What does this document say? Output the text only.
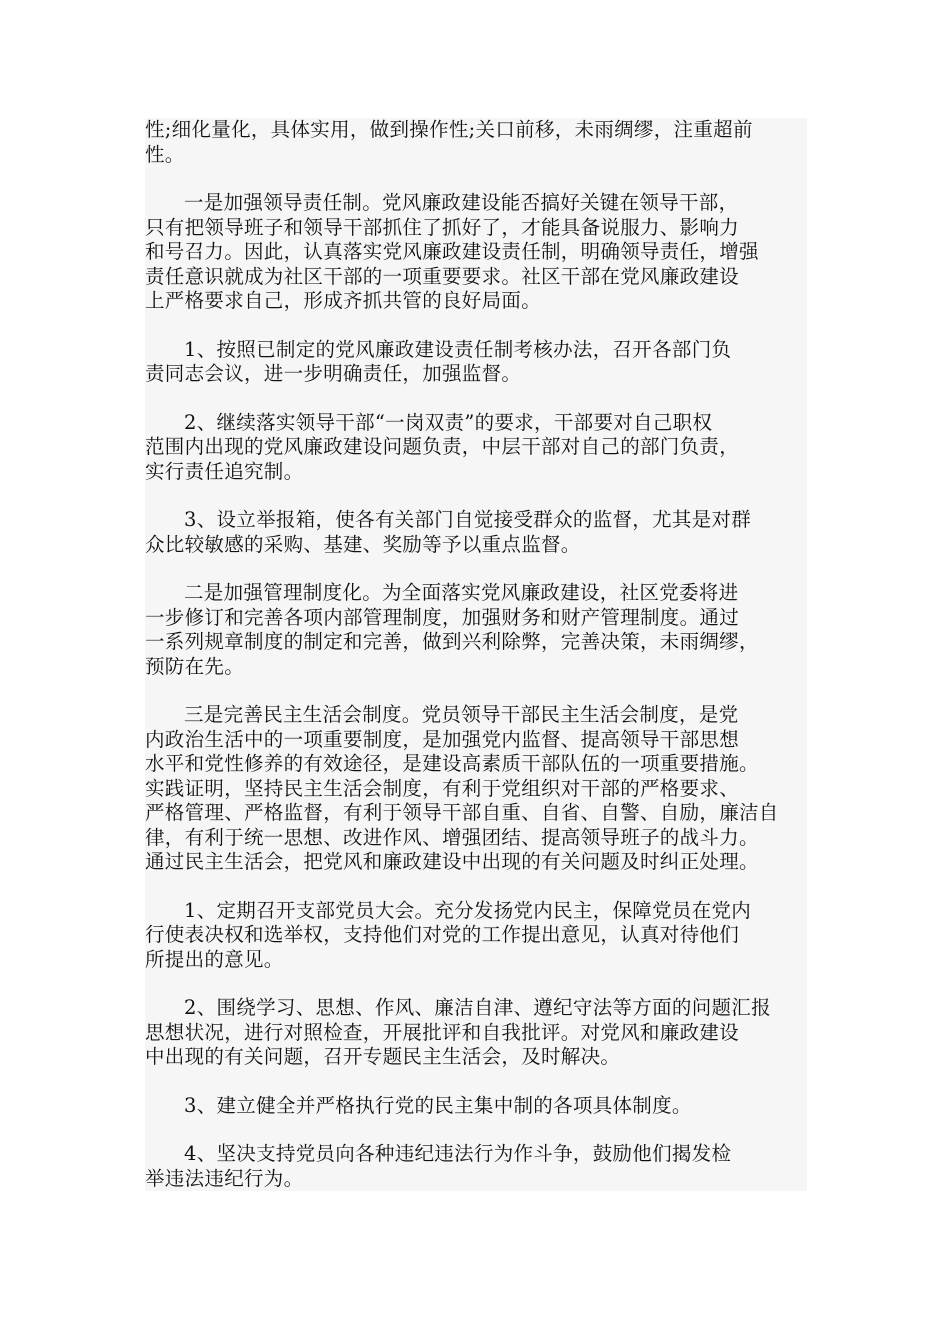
性;细化量化，具体实用，做到操作性;关口前移，未雨绸缪，注重超前
性。

一是加强领导责任制。党风廉政建设能否搞好关键在领导干部，
只有把领导班子和领导干部抓住了抓好了，才能具备说服力、影响力
和号召力。因此，认真落实党风廉政建设责任制，明确领导责任，增强
责任意识就成为社区干部的一项重要要求。社区干部在党风廉政建设
上严格要求自己，形成齐抓共管的良好局面。

1、按照已制定的党风廉政建设责任制考核办法，召开各部门负
责同志会议，进一步明确责任，加强监督。

2、继续落实领导干部“一岗双责”的要求，干部要对自己职权
范围内出现的党风廉政建设问题负责，中层干部对自己的部门负责，
实行责任追究制。

3、设立举报箱，使各有关部门自觉接受群众的监督，尤其是对群
众比较敏感的采购、基建、奖励等予以重点监督。

二是加强管理制度化。为全面落实党风廉政建设，社区党委将进
一步修订和完善各项内部管理制度，加强财务和财产管理制度。通过
一系列规章制度的制定和完善，做到兴利除弊，完善决策，未雨绸缪，
预防在先。

三是完善民主生活会制度。党员领导干部民主生活会制度，是党
内政治生活中的一项重要制度，是加强党内监督、提高领导干部思想
水平和党性修养的有效途径，是建设高素质干部队伍的一项重要措施。
实践证明，坚持民主生活会制度，有利于党组织对干部的严格要求、
严格管理、严格监督，有利于领导干部自重、自省、自警、自励，廉洁自
律，有利于统一思想、改进作风、增强团结、提高领导班子的战斗力。
通过民主生活会，把党风和廉政建设中出现的有关问题及时纠正处理。

1、定期召开支部党员大会。充分发扬党内民主，保障党员在党内
行使表决权和选举权，支持他们对党的工作提出意见，认真对待他们
所提出的意见。

2、围绕学习、思想、作风、廉洁自津、遵纪守法等方面的问题汇报
思想状况，进行对照检查，开展批评和自我批评。对党风和廉政建设
中出现的有关问题，召开专题民主生活会，及时解决。

3、建立健全并严格执行党的民主集中制的各项具体制度。

4、坚决支持党员向各种违纪违法行为作斗争，鼓励他们揭发检
举违法违纪行为。
